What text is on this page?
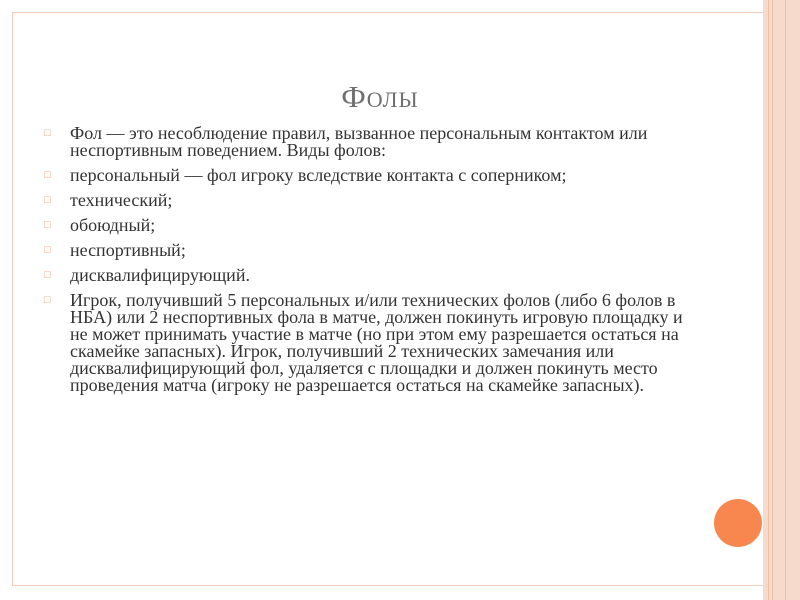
Фолы
□	Фол — это несоблюдение правил, вызванное персональным контактом или неспортивным поведением. Виды фолов:
□	персональный — фол игроку вследствие контакта с соперником;
□	технический;
□	обоюдный;
□	неспортивный;
□	дисквалифицирующий.
□	Игрок, получивший 5 персональных и/или технических фолов (либо 6 фолов в НБА) или 2 неспортивных фола в матче, должен покинуть игровую площадку и не может принимать участие в матче (но при этом ему разрешается остаться на скамейке запасных). Игрок, получивший 2 технических замечания или дисквалифицирующий фол, удаляется с площадки и должен покинуть место проведения матча (игроку не разрешается остаться на скамейке запасных).
